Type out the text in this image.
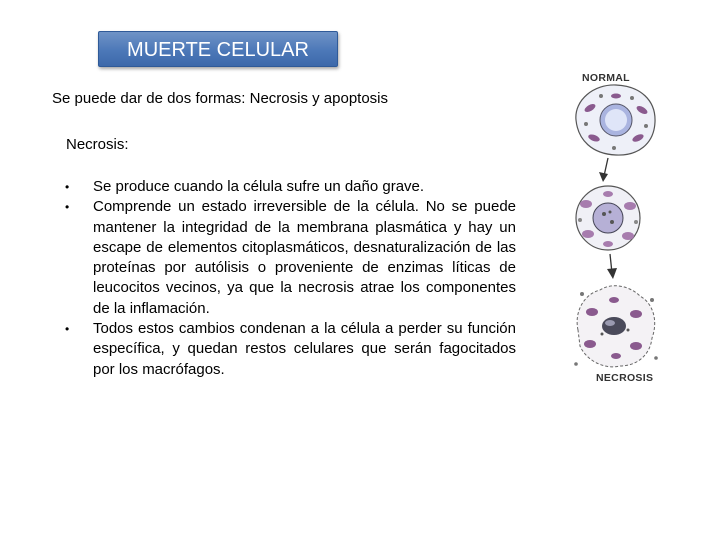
MUERTE CELULAR
Se puede dar de dos formas: Necrosis y apoptosis
Necrosis:
• Se produce cuando la célula sufre un daño grave.
• Comprende un estado irreversible de la célula. No se puede mantener la integridad de la membrana plasmática y hay un escape de elementos citoplasmáticos, desnaturalización de las proteínas por autólisis o proveniente de enzimas líticas de leucocitos vecinos, ya que la necrosis atrae los componentes de la inflamación.
• Todos estos cambios condenan a la célula a perder su función específica, y quedan restos celulares que serán fagocitados por los macrófagos.
NORMAL
NECROSIS
